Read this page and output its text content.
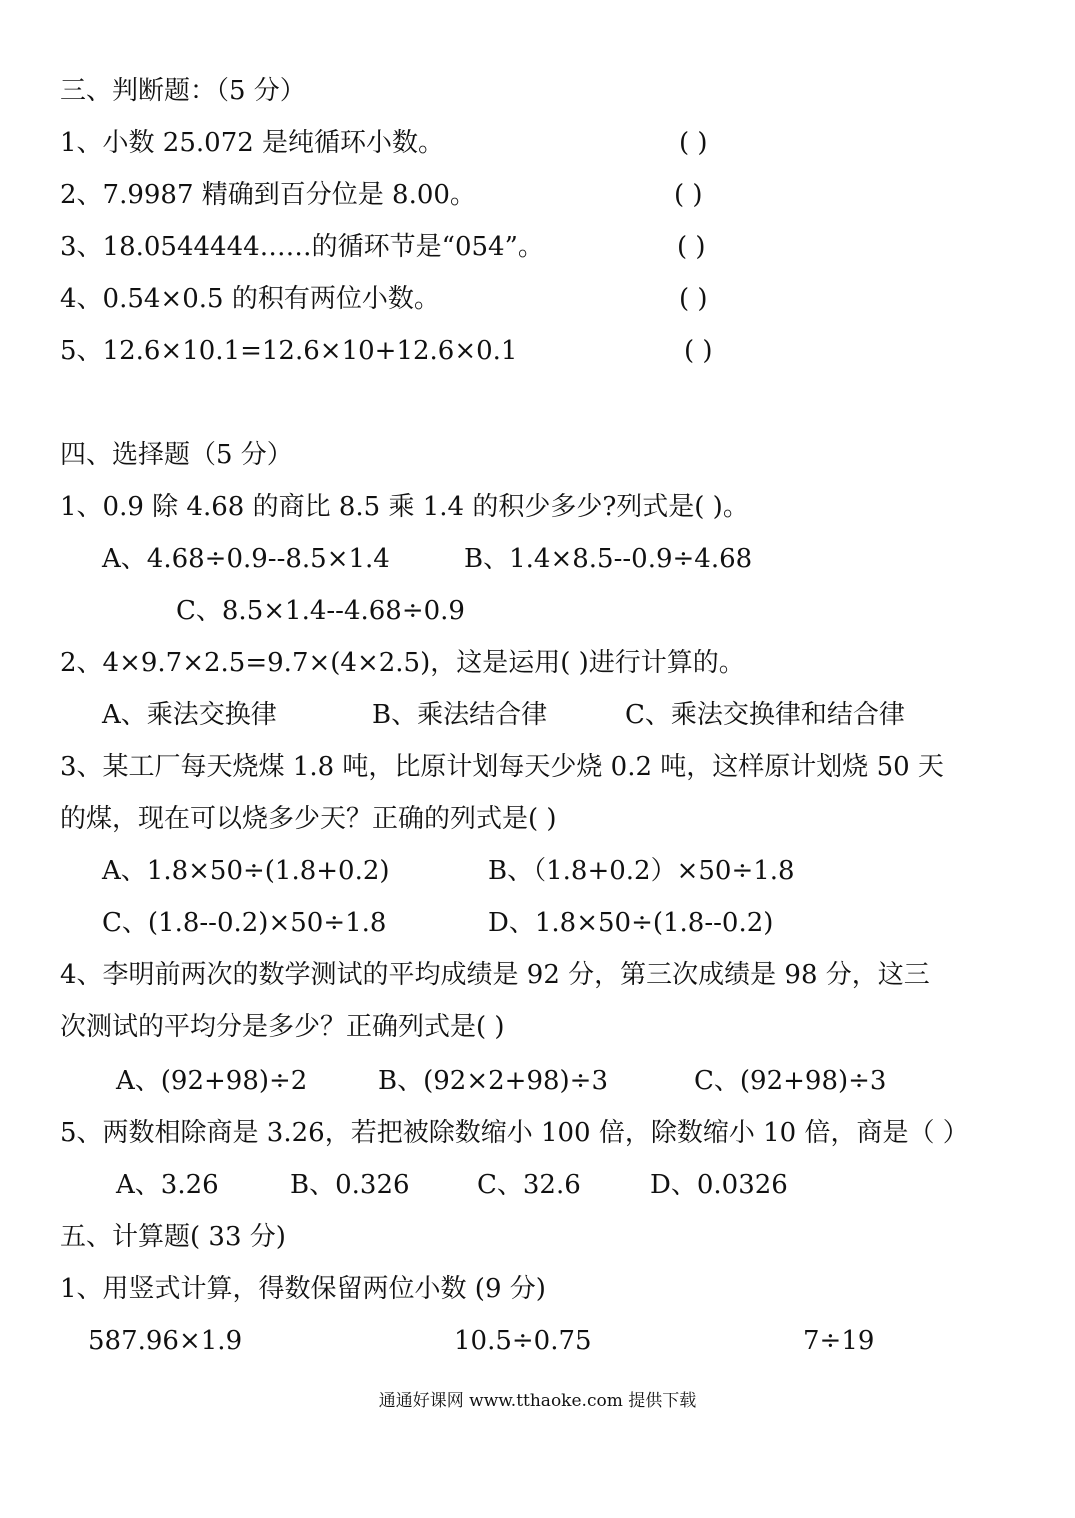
三、判断题：（5 分）

1、小数 25.072 是纯循环小数。	( )

2、7.9987 精确到百分位是 8.00。	( )

3、18.0544444……的循环节是“054”。	( )

4、0.54×0.5 的积有两位小数。	( )

5、12.6×10.1=12.6×10+12.6×0.1	( )

四、选择题（5 分）

1、0.9 除 4.68 的商比 8.5 乘 1.4 的积少多少?列式是( )。

A、4.68÷0.9--8.5×1.4	B、1.4×8.5--0.9÷4.68

C、8.5×1.4--4.68÷0.9

2、4×9.7×2.5=9.7×(4×2.5)，这是运用( )进行计算的。

A、乘法交换律	B、乘法结合律	C、乘法交换律和结合律

3、某工厂每天烧煤 1.8 吨，比原计划每天少烧 0.2 吨，这样原计划烧 50 天

的煤，现在可以烧多少天？正确的列式是( )

A、1.8×50÷(1.8+0.2)	B、（1.8+0.2）×50÷1.8

C、(1.8--0.2)×50÷1.8	D、1.8×50÷(1.8--0.2)

4、李明前两次的数学测试的平均成绩是 92 分，第三次成绩是 98 分，这三

次测试的平均分是多少？正确列式是( )

A、(92+98)÷2	B、(92×2+98)÷3	C、(92+98)÷3

5、两数相除商是 3.26，若把被除数缩小 100 倍，除数缩小 10 倍，商是（ ）

A、3.26	B、0.326	C、32.6	D、0.0326

五、计算题( 33 分)

1、用竖式计算，得数保留两位小数 (9 分)

587.96×1.9	10.5÷0.75	7÷19

通通好课网 www.tthaoke.com 提供下载
